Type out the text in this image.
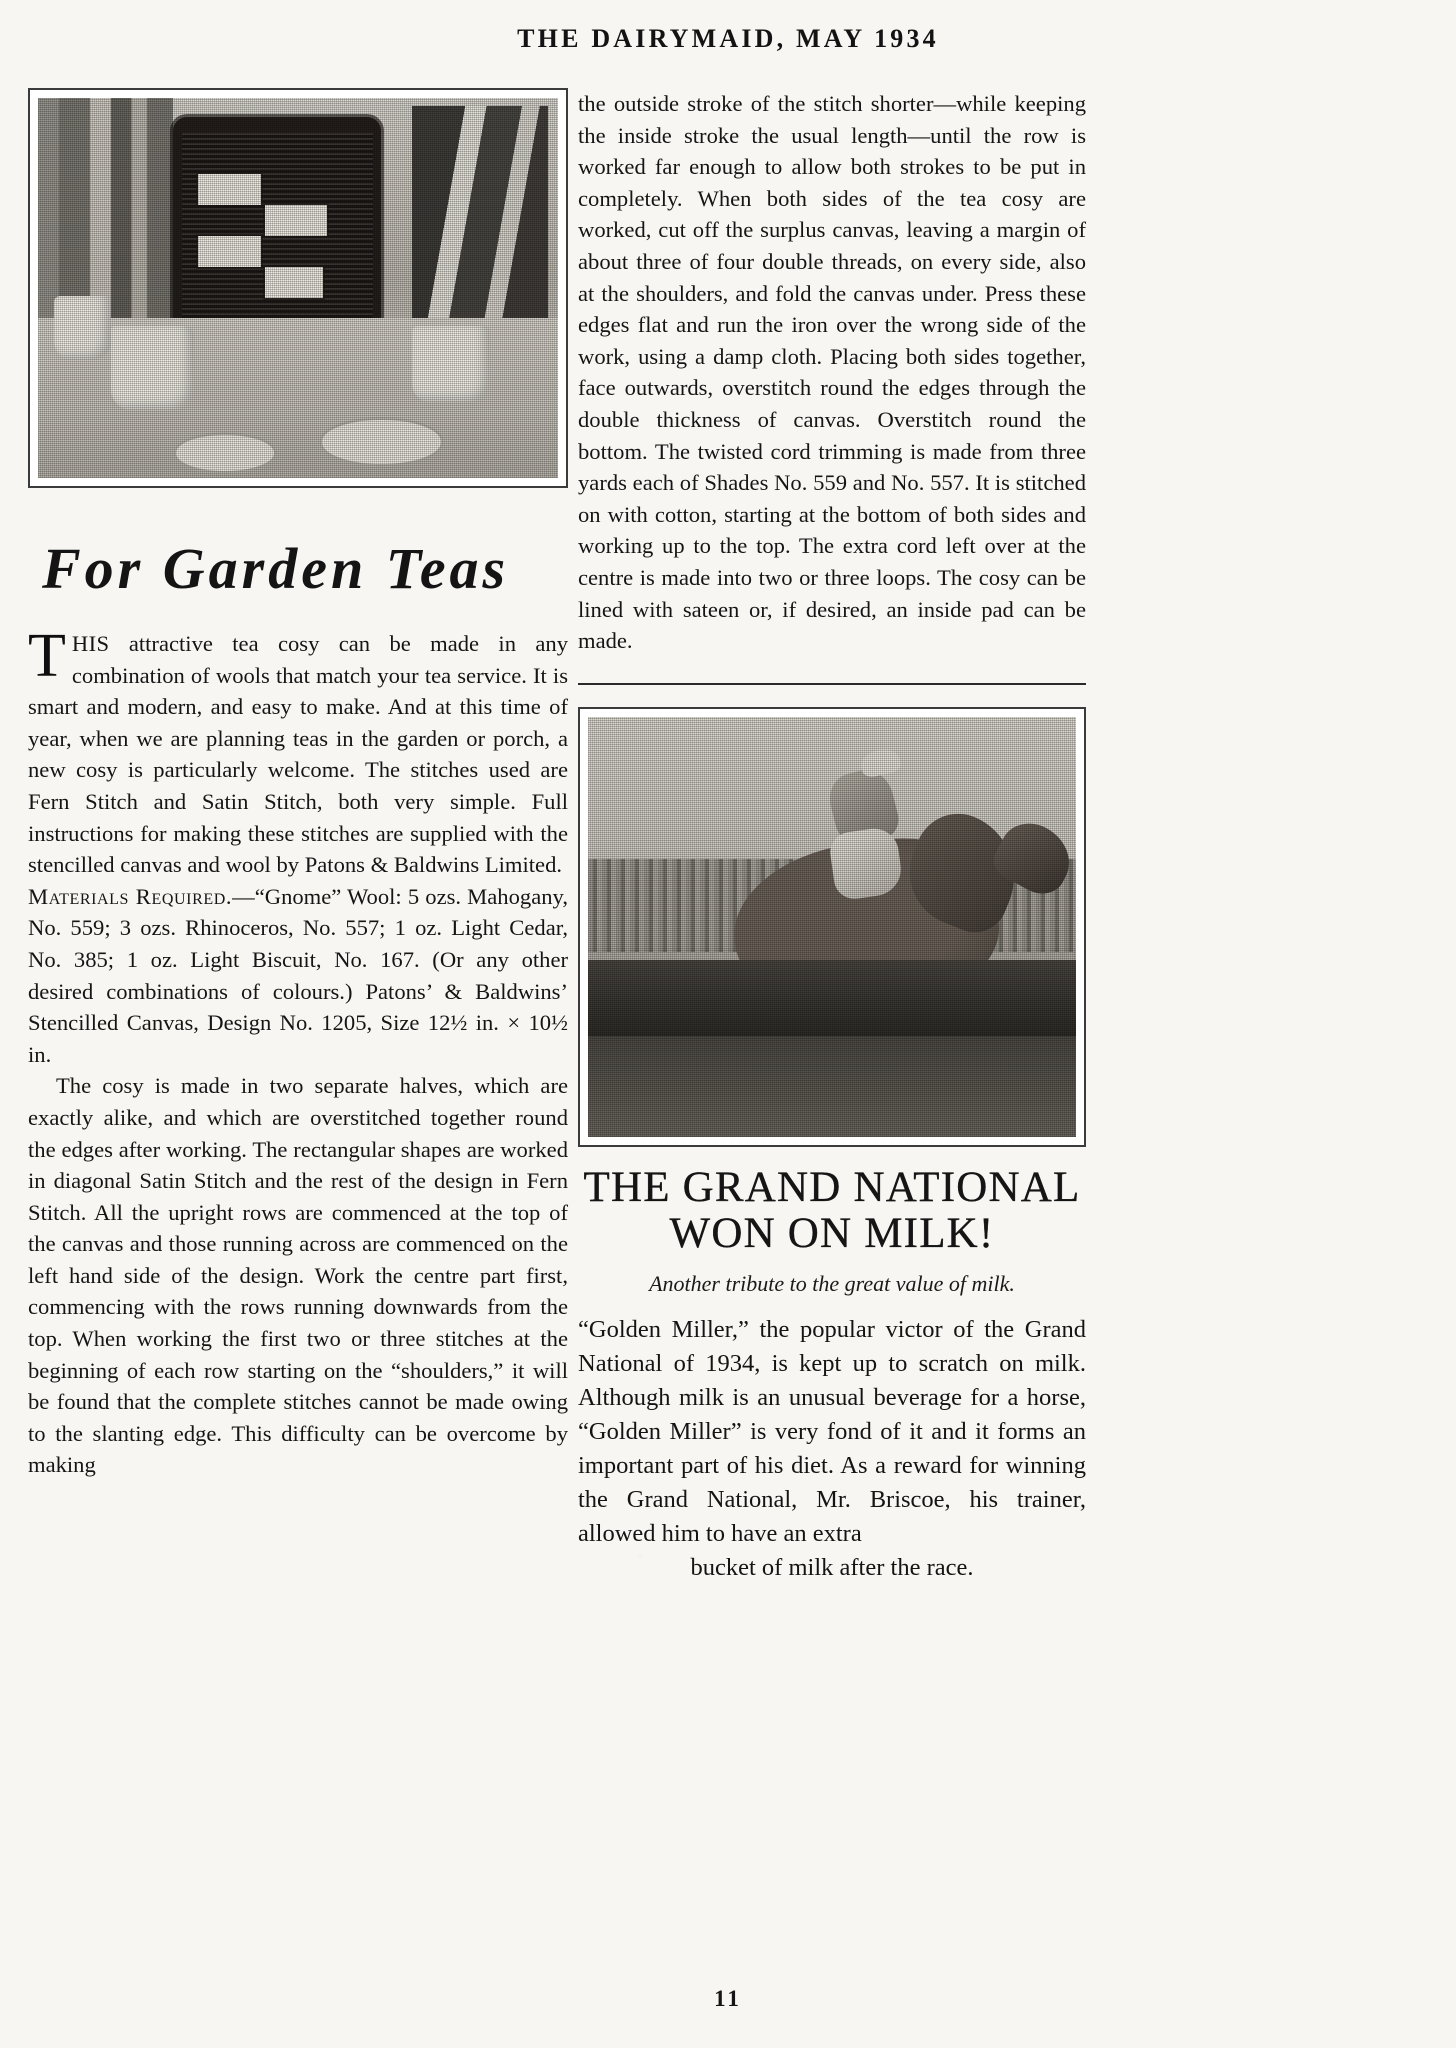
THE DAIRYMAID, MAY 1934
For Garden Teas

THIS attractive tea cosy can be made in any combination of wools that match your tea service. It is smart and modern, and easy to make. And at this time of year, when we are planning teas in the garden or porch, a new cosy is particularly welcome. The stitches used are Fern Stitch and Satin Stitch, both very simple. Full instructions for making these stitches are supplied with the stencilled canvas and wool by Patons & Baldwins Limited.

Materials Required.—“Gnome” Wool: 5 ozs. Mahogany, No. 559; 3 ozs. Rhinoceros, No. 557; 1 oz. Light Cedar, No. 385; 1 oz. Light Biscuit, No. 167. (Or any other desired combinations of colours.) Patons’ & Baldwins’ Stencilled Canvas, Design No. 1205, Size 12½ in. × 10½ in.

The cosy is made in two separate halves, which are exactly alike, and which are overstitched together round the edges after working. The rectangular shapes are worked in diagonal Satin Stitch and the rest of the design in Fern Stitch. All the upright rows are commenced at the top of the canvas and those running across are commenced on the left hand side of the design. Work the centre part first, commencing with the rows running downwards from the top. When working the first two or three stitches at the beginning of each row starting on the “shoulders,” it will be found that the complete stitches cannot be made owing to the slanting edge. This difficulty can be overcome by making

the outside stroke of the stitch shorter—while keeping the inside stroke the usual length—until the row is worked far enough to allow both strokes to be put in completely. When both sides of the tea cosy are worked, cut off the surplus canvas, leaving a margin of about three of four double threads, on every side, also at the shoulders, and fold the canvas under. Press these edges flat and run the iron over the wrong side of the work, using a damp cloth. Placing both sides together, face outwards, overstitch round the edges through the double thickness of canvas. Overstitch round the bottom. The twisted cord trimming is made from three yards each of Shades No. 559 and No. 557. It is stitched on with cotton, starting at the bottom of both sides and working up to the top. The extra cord left over at the centre is made into two or three loops. The cosy can be lined with sateen or, if desired, an inside pad can be made.

THE GRAND NATIONAL
WON ON MILK!
Another tribute to the great value of milk.
“Golden Miller,” the popular victor of the Grand National of 1934, is kept up to scratch on milk. Although milk is an unusual beverage for a horse, “Golden Miller” is very fond of it and it forms an important part of his diet. As a reward for winning the Grand National, Mr. Briscoe, his trainer, allowed him to have an extra
bucket of milk after the race.
11
